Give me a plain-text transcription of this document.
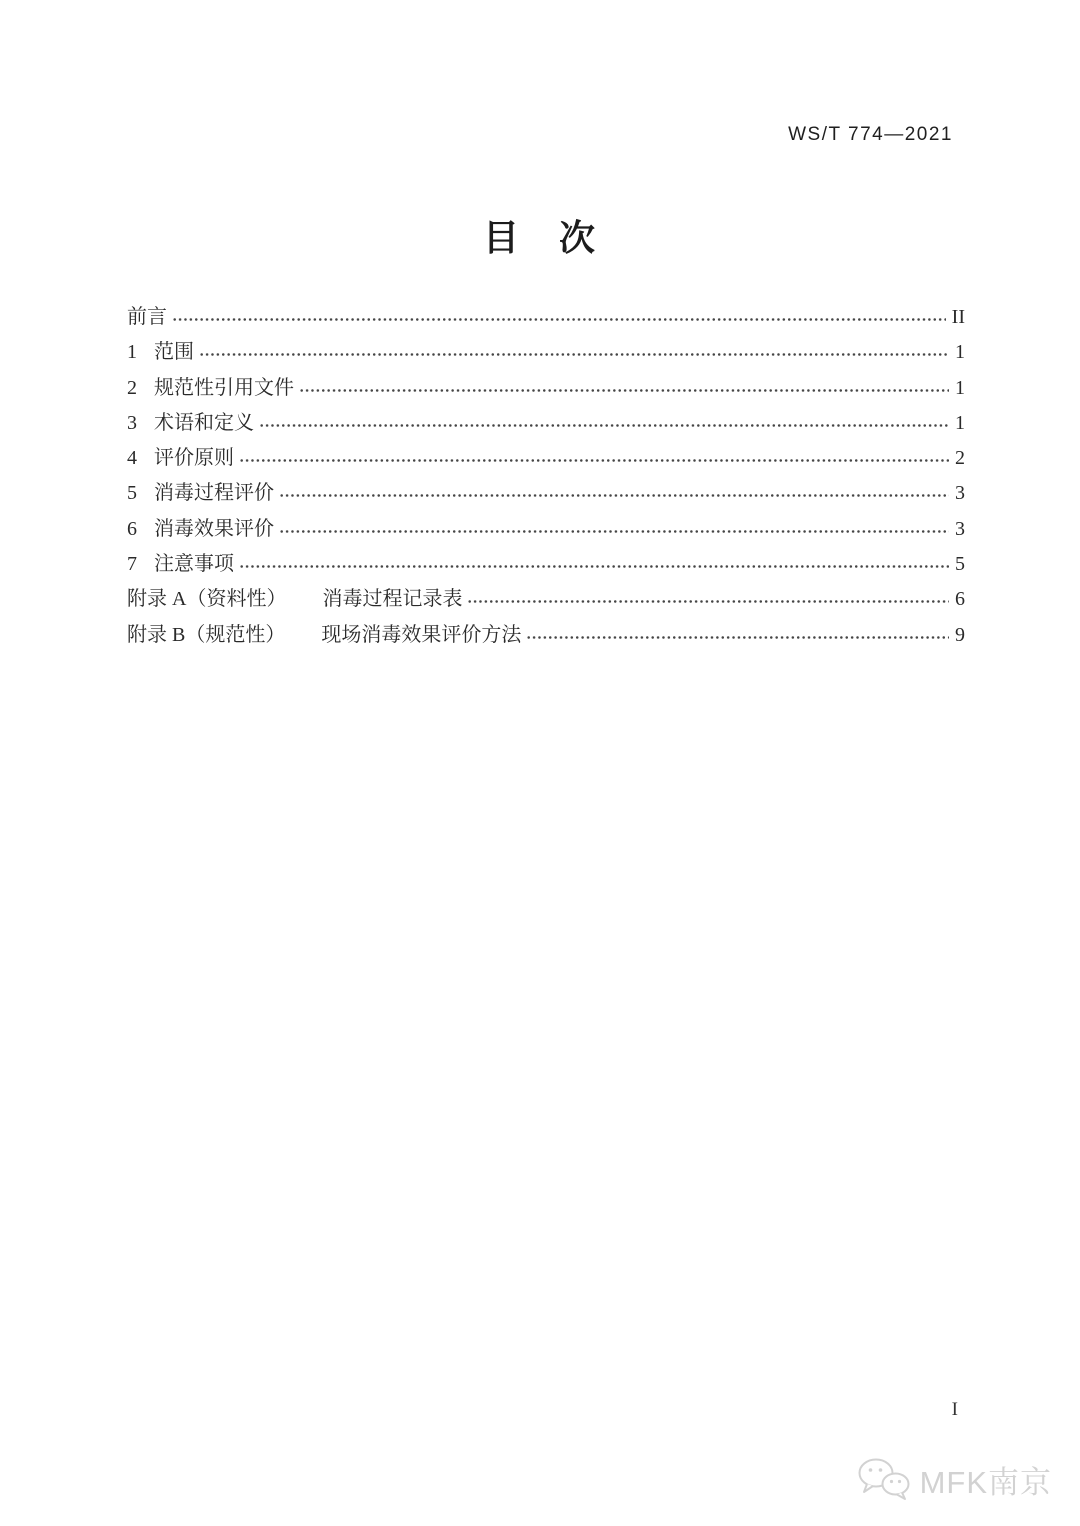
WS/T 774—2021
目　次
前言	II
1 范围	1
2 规范性引用文件	1
3 术语和定义	1
4 评价原则	2
5 消毒过程评价	3
6 消毒效果评价	3
7 注意事项	5
附录 A（资料性） 消毒过程记录表	6
附录 B（规范性） 现场消毒效果评价方法	9
I
MFK南京
